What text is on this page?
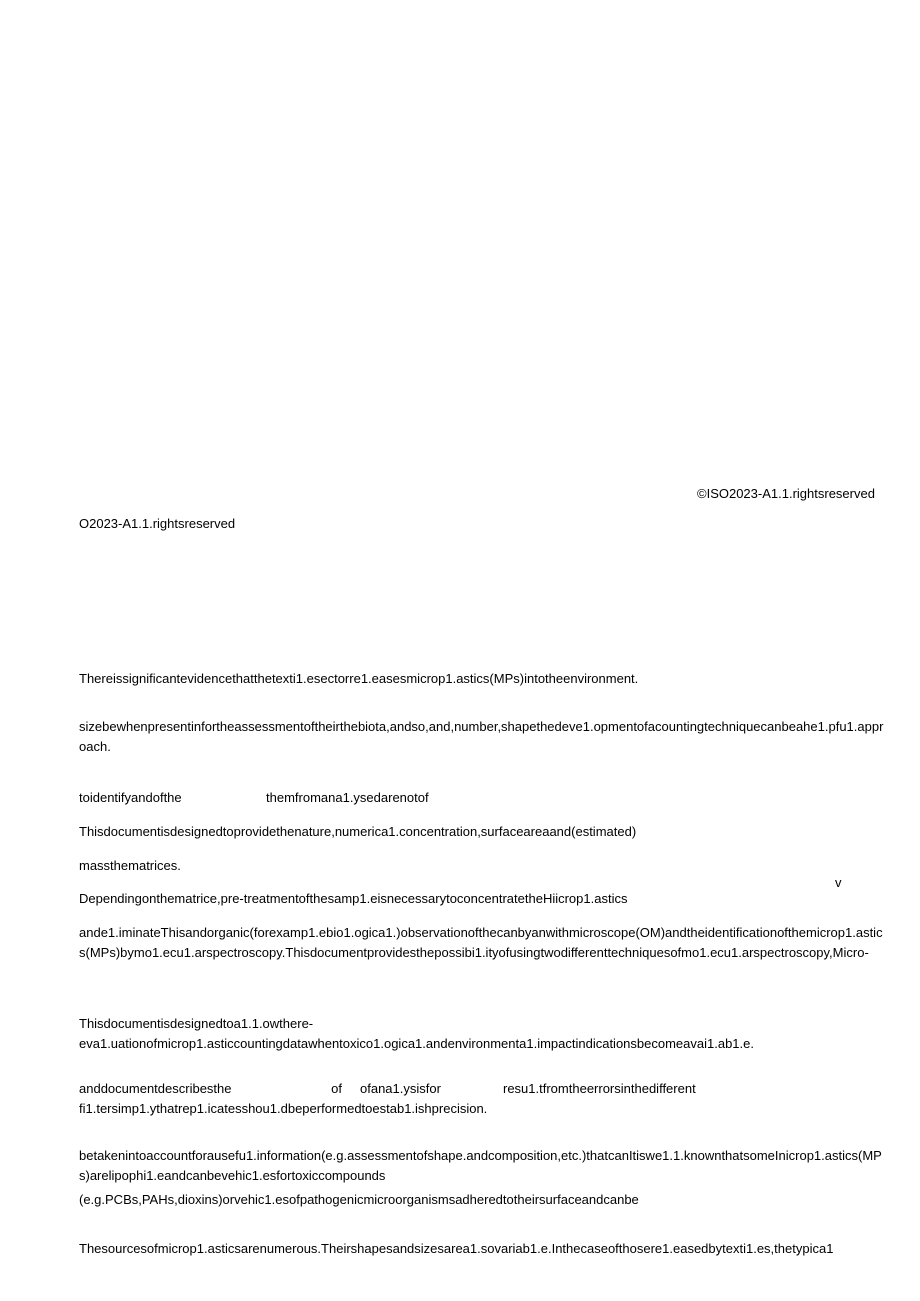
©ISO2023-A1.1.rightsreserved
O2023-A1.1.rightsreserved
Thereissignificantevidencethatthetexti1.esectorre1.easesmicrop1.astics(MPs)intotheenvironment.
sizebewhenpresentinfortheassessmentoftheirthebiota,andso,and,number,shapethedeve1.opmentofacountingtechniquecanbeahe1.pfu1.approach.
toidentifyandofthe	themfromana1.ysedarenotof
Thisdocumentisdesignedtoprovidethenature,numerica1.concentration,surfaceareaand(estimated)
massthematrices.
v
Dependingonthematrice,pre-treatmentofthesamp1.eisnecessarytoconcentratetheHiicrop1.astics
ande1.iminateThisandorganic(forexamp1.ebio1.ogica1.)observationofthecanbyanwithmicroscope(OM)andtheidentificationofthemicrop1.astics(MPs)bymo1.ecu1.arspectroscopy.Thisdocumentprovidesthepossibi1.ityofusingtwodifferenttechniquesofmo1.ecu1.arspectroscopy,Micro-
Thisdocumentisdesignedtoa1.1.owthere-
eva1.uationofmicrop1.asticcountingdatawhentoxico1.ogica1.andenvironmenta1.impactindicationsbecomeavai1.ab1.e.
anddocumentdescribesthe of ofana1.ysisfor	resu1.tfromtheerrorsinthedifferent
fi1.tersimp1.ythatrep1.icatesshou1.dbeperformedtoestab1.ishprecision.
betakenintoaccountforausefu1.information(e.g.assessmentofshape.andcomposition,etc.)thatcanItiswe1.1.knownthatsomeInicrop1.astics(MPs)arelipophi1.eandcanbevehic1.esfortoxiccompounds
(e.g.PCBs,PAHs,dioxins)orvehic1.esofpathogenicmicroorganismsadheredtotheirsurfaceandcanbe
Thesourcesofmicrop1.asticsarenumerous.Theirshapesandsizesarea1.sovariab1.e.Inthecaseofthosere1.easedbytexti1.es,thetypica1
